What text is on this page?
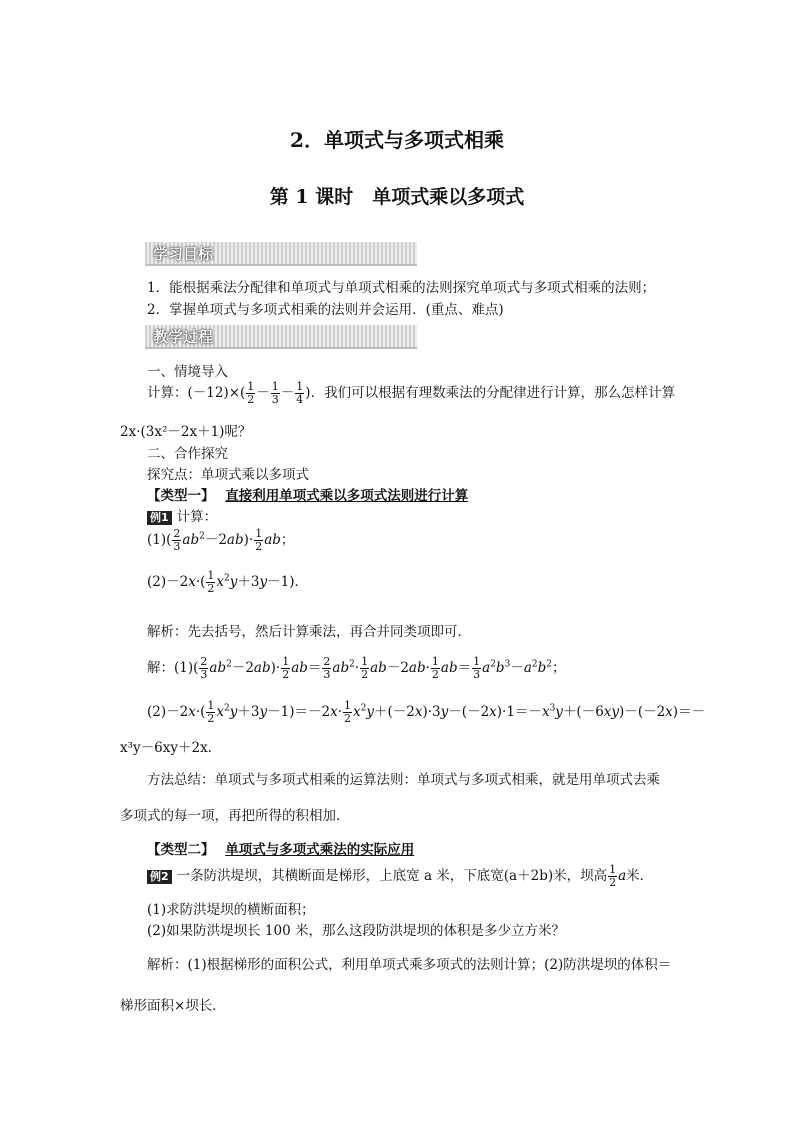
2．单项式与多项式相乘
第 1 课时　单项式乘以多项式
学习目标
1．能根据乘法分配律和单项式与单项式相乘的法则探究单项式与多项式相乘的法则；
2．掌握单项式与多项式相乘的法则并会运用．(重点、难点)
教学过程
一、情境导入
计算：$(-12)\times( \frac{1}{2} - \frac{1}{3} - \frac{1}{4}$ )．我们可以根据有理数乘法的分配律进行计算，那么怎样计算
2x·(3x²－2x＋1)呢？
二、合作探究
探究点：单项式乘以多项式
【类型一】 直接利用单项式乘以多项式法则进行计算
例1 计算：
$(1)( \frac{2}{3} ab^2-2ab)\cdot \frac{1}{2}$ ab；
$(2)-2x\cdot( \frac{1}{2} x^2y+3y-1)$．
解析：先去括号，然后计算乘法，再合并同类项即可．
解：$(1)( \frac{2}{3} ab^2-2ab)\cdot \frac{1}{2} ab= \frac{2}{3} ab^2\cdot \frac{1}{2} ab-2ab\cdot \frac{1}{2} ab= \frac{1}{3} a^2b^3-a^2b^2$；
$(2)-2x\cdot( \frac{1}{2} x^2y+3y-1)=-2x\cdot \frac{1}{2} x^2y+(-2x)\cdot 3y-(-2x)\cdot 1=-x^3y+(-6xy)-(-2x)=-$
x³y－6xy＋2x.
方法总结：单项式与多项式相乘的运算法则：单项式与多项式相乘，就是用单项式去乘
多项式的每一项，再把所得的积相加．
【类型二】 单项式与多项式乘法的实际应用
例2 一条防洪堤坝，其横断面是梯形，上底宽 a 米，下底宽(a＋2b)米，坝高 $\frac{1}{2}$ a米．
(1)求防洪堤坝的横断面积；
(2)如果防洪堤坝长 100 米，那么这段防洪堤坝的体积是多少立方米？
解析：(1)根据梯形的面积公式，利用单项式乘多项式的法则计算；(2)防洪堤坝的体积＝
梯形面积×坝长．
